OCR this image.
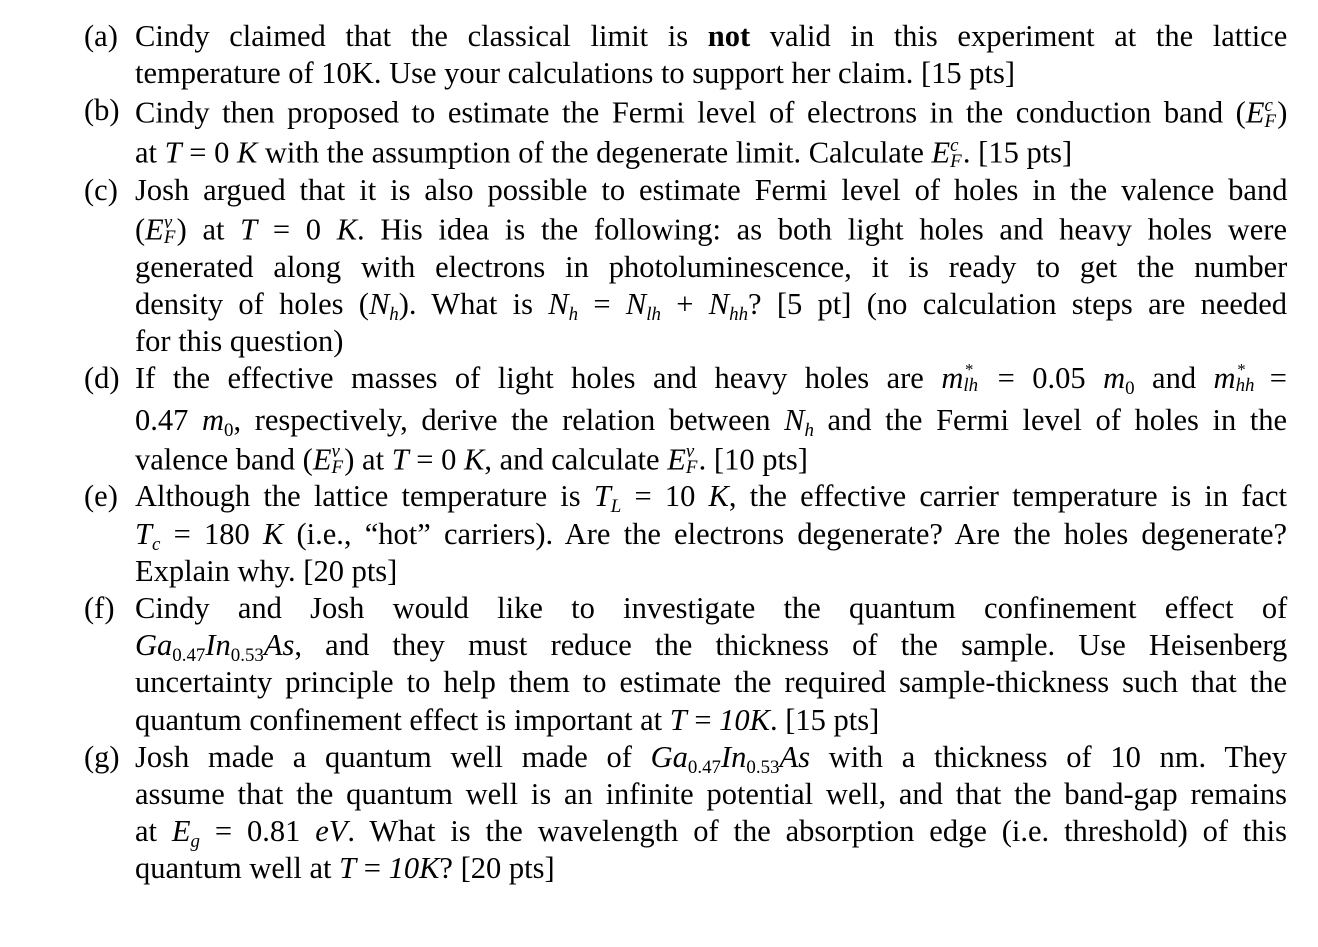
(a) Cindy claimed that the classical limit is not valid in this experiment at the lattice
temperature of 10K. Use your calculations to support her claim. [15 pts]
(b) Cindy then proposed to estimate the Fermi level of electrons in the conduction band (E c
F )
at T = 0 K with the assumption of the degenerate limit. Calculate E c
F . [15 pts]
(c) Josh argued that it is also possible to estimate Fermi level of holes in the valence band
(E v
F ) at T = 0 K. His idea is the following: as both light holes and heavy holes were
generated along with electrons in photoluminescence, it is ready to get the number
density of holes $(N_h)$. What is $N_h = N_{lh} + N_{hh}$? [5 pt] (no calculation steps are needed
for this question)
(d) If the effective masses of light holes and heavy holes are m *
lh = 0.05 $m_0$ and m *
hh =
0.47 $m_0$, respectively, derive the relation between $N_h$ and the Fermi level of holes in the
valence band (E v
F ) at T = 0 K, and calculate E v
F . [10 pts]
(e) Although the lattice temperature is $T_L = 10$ K, the effective carrier temperature is in fact
$T_c = 180$ K (i.e., “hot” carriers). Are the electrons degenerate? Are the holes degenerate?
Explain why. [20 pts]
(f) Cindy and Josh would like to investigate the quantum confinement effect of
$Ga_{0.47}In_{0.53}As$, and they must reduce the thickness of the sample. Use Heisenberg
uncertainty principle to help them to estimate the required sample-thickness such that the
quantum confinement effect is important at T = 10K. [15 pts]
(g) Josh made a quantum well made of $Ga_{0.47}In_{0.53}As$ with a thickness of 10 nm. They
assume that the quantum well is an infinite potential well, and that the band-gap remains
at $E_g = 0.81$ eV. What is the wavelength of the absorption edge (i.e. threshold) of this
quantum well at T = 10K? [20 pts]
